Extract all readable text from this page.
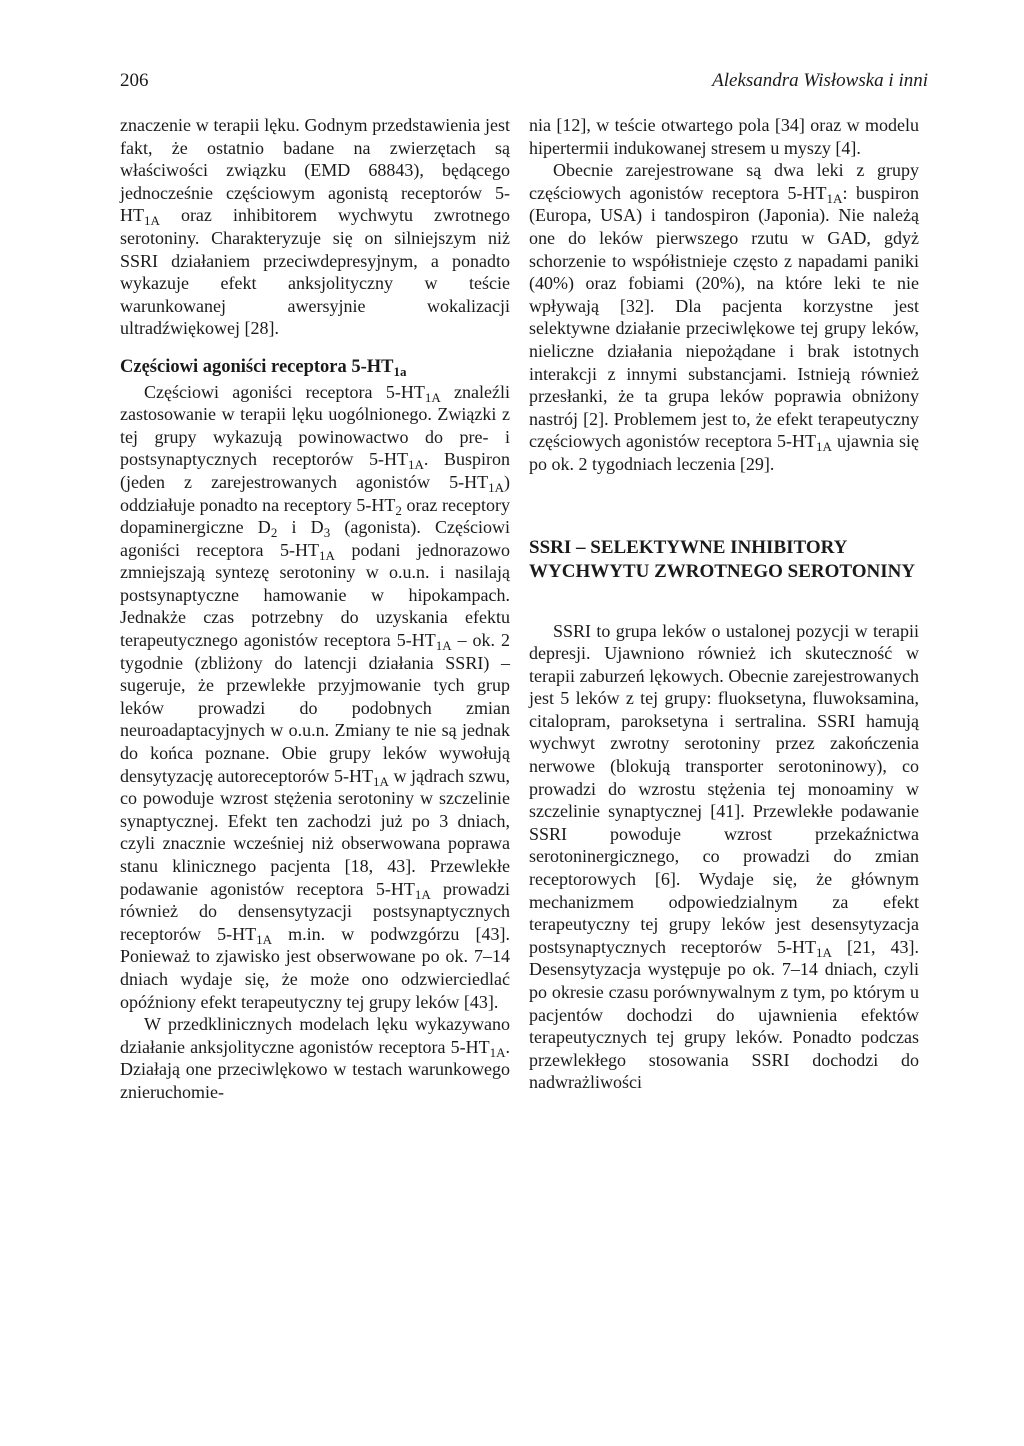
206	Aleksandra Wisłowska i inni

znaczenie w terapii lęku. Godnym przedstawienia jest fakt, że ostatnio badane na zwierzętach są właściwości związku (EMD 68843), będącego jednocześnie częściowym agonistą receptorów $5-HT_{1A}$ oraz inhibitorem wychwytu zwrotnego serotoniny. Charakteryzuje się on silniejszym niż SSRI działaniem przeciwdepresyjnym, a ponadto wykazuje efekt anksjolityczny w teście warunkowanej awersyjnie wokalizacji ultradźwiękowej [28].

Częściowi agoniści receptora $5-HT_{1a}$

Częściowi agoniści receptora $5-HT_{1A}$ znaleźli zastosowanie w terapii lęku uogólnionego. Związki z tej grupy wykazują powinowactwo do pre- i postsynaptycznych receptorów $5-HT_{1A}$. Buspiron (jeden z zarejestrowanych agonistów $5-HT_{1A}$) oddziałuje ponadto na receptory $5-HT_2$ oraz receptory dopaminergiczne $D_2$ i $D_3$ (agonista). Częściowi agoniści receptora $5-HT_{1A}$ podani jednorazowo zmniejszają syntezę serotoniny w o.u.n. i nasilają postsynaptyczne hamowanie w hipokampach. Jednakże czas potrzebny do uzyskania efektu terapeutycznego agonistów receptora $5-HT_{1A}$ – ok. 2 tygodnie (zbliżony do latencji działania SSRI) – sugeruje, że przewlekłe przyjmowanie tych grup leków prowadzi do podobnych zmian neuroadaptacyjnych w o.u.n. Zmiany te nie są jednak do końca poznane. Obie grupy leków wywołują densytyzację autoreceptorów $5-HT_{1A}$ w jądrach szwu, co powoduje wzrost stężenia serotoniny w szczelinie synaptycznej. Efekt ten zachodzi już po 3 dniach, czyli znacznie wcześniej niż obserwowana poprawa stanu klinicznego pacjenta [18, 43]. Przewlekłe podawanie agonistów receptora $5-HT_{1A}$ prowadzi również do densensytyzacji postsynaptycznych receptorów $5-HT_{1A}$ m.in. w podwzgórzu [43]. Ponieważ to zjawisko jest obserwowane po ok. 7–14 dniach wydaje się, że może ono odzwierciedlać opóźniony efekt terapeutyczny tej grupy leków [43].

W przedklinicznych modelach lęku wykazywano działanie anksjolityczne agonistów receptora $5-HT_{1A}$. Działają one przeciwlękowo w testach warunkowego znieruchomie-

nia [12], w teście otwartego pola [34] oraz w modelu hipertermii indukowanej stresem u myszy [4].

Obecnie zarejestrowane są dwa leki z grupy częściowych agonistów receptora $5-HT_{1A}$: buspiron (Europa, USA) i tandospiron (Japonia). Nie należą one do leków pierwszego rzutu w GAD, gdyż schorzenie to współistnieje często z napadami paniki (40%) oraz fobiami (20%), na które leki te nie wpływają [32]. Dla pacjenta korzystne jest selektywne działanie przeciwlękowe tej grupy leków, nieliczne działania niepożądane i brak istotnych interakcji z innymi substancjami. Istnieją również przesłanki, że ta grupa leków poprawia obniżony nastrój [2]. Problemem jest to, że efekt terapeutyczny częściowych agonistów receptora $5-HT_{1A}$ ujawnia się po ok. 2 tygodniach leczenia [29].

SSRI – SELEKTYWNE INHIBITORY WYCHWYTU ZWROTNEGO SEROTONINY

SSRI to grupa leków o ustalonej pozycji w terapii depresji. Ujawniono również ich skuteczność w terapii zaburzeń lękowych. Obecnie zarejestrowanych jest 5 leków z tej grupy: fluoksetyna, fluwoksamina, citalopram, paroksetyna i sertralina. SSRI hamują wychwyt zwrotny serotoniny przez zakończenia nerwowe (blokują transporter serotoninowy), co prowadzi do wzrostu stężenia tej monoaminy w szczelinie synaptycznej [41]. Przewlekłe podawanie SSRI powoduje wzrost przekaźnictwa serotoninergicznego, co prowadzi do zmian receptorowych [6]. Wydaje się, że głównym mechanizmem odpowiedzialnym za efekt terapeutyczny tej grupy leków jest desensytyzacja postsynaptycznych receptorów $5-HT_{1A}$ [21, 43]. Desensytyzacja występuje po ok. 7–14 dniach, czyli po okresie czasu porównywalnym z tym, po którym u pacjentów dochodzi do ujawnienia efektów terapeutycznych tej grupy leków. Ponadto podczas przewlekłego stosowania SSRI dochodzi do nadwrażliwości
